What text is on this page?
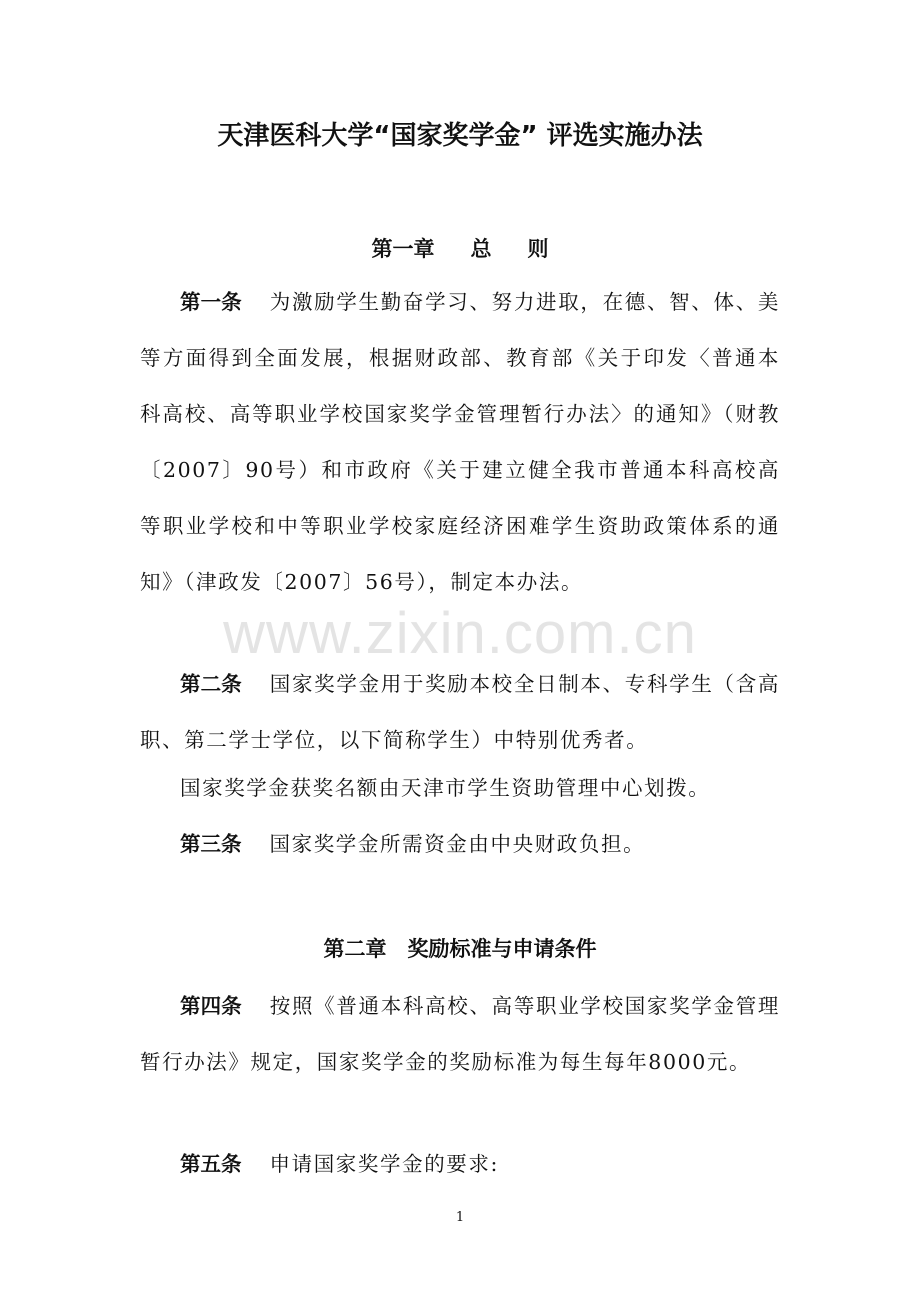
www.zixin.com.cn
天津医科大学“国家奖学金” 评选实施办法
第一章 总 则

第一条 为激励学生勤奋学习、努力进取，在德、智、体、美等方面得到全面发展，根据财政部、教育部《关于印发〈普通本科高校、高等职业学校国家奖学金管理暂行办法〉的通知》（财教〔2007〕90号）和市政府《关于建立健全我市普通本科高校高等职业学校和中等职业学校家庭经济困难学生资助政策体系的通知》（津政发〔2007〕56号），制定本办法。

第二条 国家奖学金用于奖励本校全日制本、专科学生（含高职、第二学士学位，以下简称学生）中特别优秀者。

国家奖学金获奖名额由天津市学生资助管理中心划拨。

第三条 国家奖学金所需资金由中央财政负担。

第二章　奖励标准与申请条件

第四条 按照《普通本科高校、高等职业学校国家奖学金管理暂行办法》规定，国家奖学金的奖励标准为每生每年8000元。

第五条 申请国家奖学金的要求:

1
